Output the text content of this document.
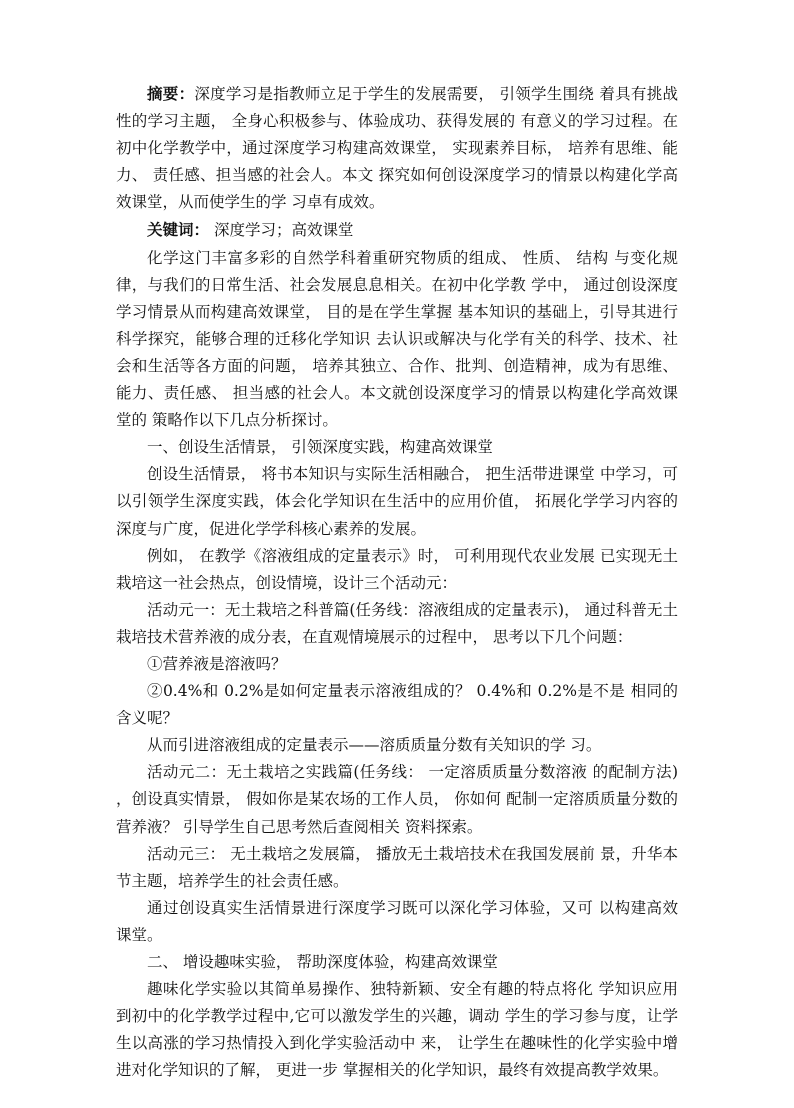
摘要：深度学习是指教师立足于学生的发展需要， 引领学生围绕 着具有挑战性的学习主题， 全身心积极参与、体验成功、获得发展的 有意义的学习过程。在初中化学教学中，通过深度学习构建高效课堂， 实现素养目标， 培养有思维、能力、 责任感、担当感的社会人。本文 探究如何创设深度学习的情景以构建化学高效课堂，从而使学生的学 习卓有成效。

关键词： 深度学习；高效课堂

化学这门丰富多彩的自然学科着重研究物质的组成、 性质、 结构 与变化规律，与我们的日常生活、社会发展息息相关。在初中化学教 学中， 通过创设深度学习情景从而构建高效课堂， 目的是在学生掌握 基本知识的基础上，引导其进行科学探究，能够合理的迁移化学知识 去认识或解决与化学有关的科学、技术、社会和生活等各方面的问题， 培养其独立、合作、批判、创造精神，成为有思维、能力、责任感、 担当感的社会人。本文就创设深度学习的情景以构建化学高效课堂的 策略作以下几点分析探讨。

一、创设生活情景， 引领深度实践，构建高效课堂

创设生活情景， 将书本知识与实际生活相融合， 把生活带进课堂 中学习，可以引领学生深度实践，体会化学知识在生活中的应用价值， 拓展化学学习内容的深度与广度，促进化学学科核心素养的发展。

例如， 在教学《溶液组成的定量表示》时， 可利用现代农业发展 已实现无土栽培这一社会热点，创设情境，设计三个活动元：

活动元一：无土栽培之科普篇(任务线：溶液组成的定量表示)， 通过科普无土栽培技术营养液的成分表，在直观情境展示的过程中， 思考以下几个问题：

①营养液是溶液吗？

②0.4%和 0.2%是如何定量表示溶液组成的？ 0.4%和 0.2%是不是 相同的含义呢？

从而引进溶液组成的定量表示——溶质质量分数有关知识的学 习。

活动元二：无土栽培之实践篇(任务线： 一定溶质质量分数溶液 的配制方法) ，创设真实情景， 假如你是某农场的工作人员， 你如何 配制一定溶质质量分数的营养液？ 引导学生自己思考然后查阅相关 资料探索。

活动元三： 无土栽培之发展篇， 播放无土栽培技术在我国发展前 景，升华本节主题，培养学生的社会责任感。

通过创设真实生活情景进行深度学习既可以深化学习体验，又可 以构建高效课堂。

二、 增设趣味实验， 帮助深度体验，构建高效课堂

趣味化学实验以其简单易操作、独特新颖、安全有趣的特点将化 学知识应用到初中的化学教学过程中,它可以激发学生的兴趣，调动 学生的学习参与度，让学生以高涨的学习热情投入到化学实验活动中 来， 让学生在趣味性的化学实验中增进对化学知识的了解， 更进一步 掌握相关的化学知识，最终有效提高教学效果。
